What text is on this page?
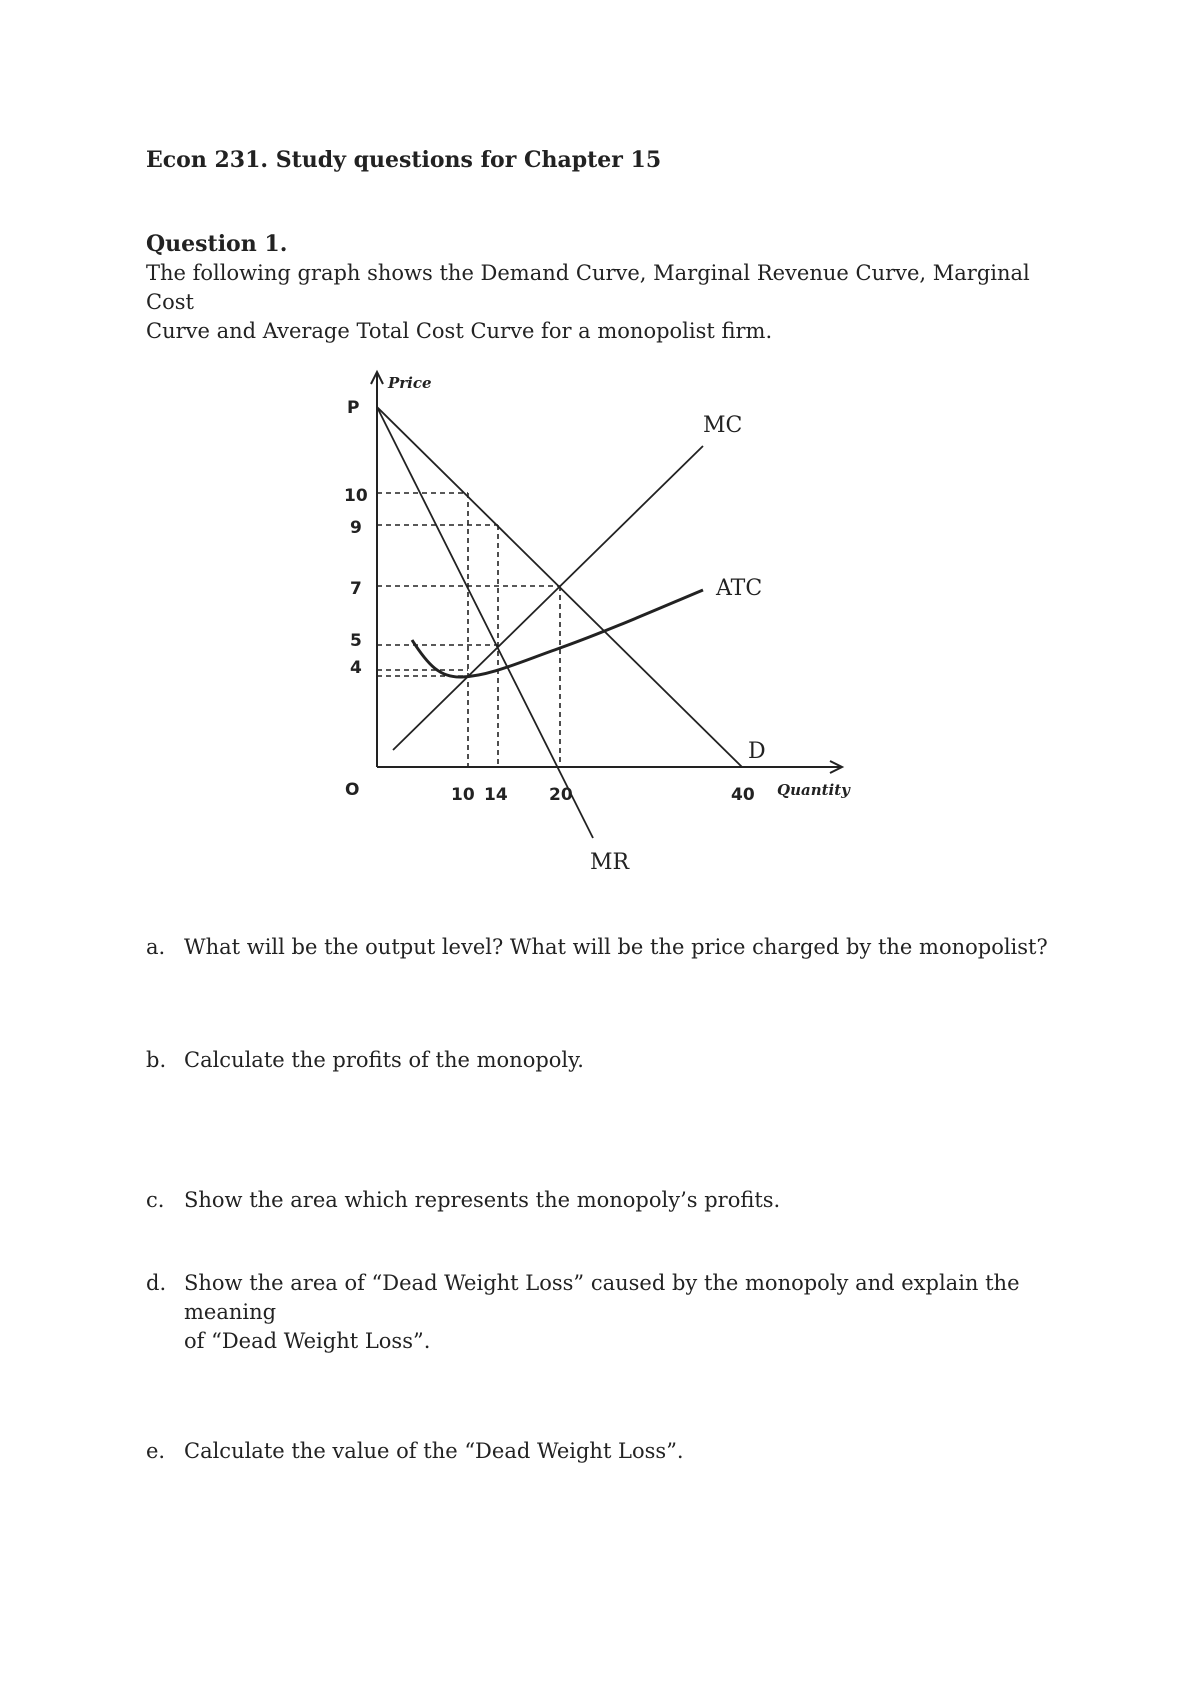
Econ 231. Study questions for Chapter 15
Question 1.
The following graph shows the Demand Curve, Marginal Revenue Curve, Marginal Cost
Curve and Average Total Cost Curve for a monopolist firm.
Price
Quantity
P
O
10
9
7
5
4
10 14 20	40
MC
ATC
D
MR
a. What will be the output level? What will be the price charged by the monopolist?
b. Calculate the profits of the monopoly.
c. Show the area which represents the monopoly’s profits.
d. Show the area of “Dead Weight Loss” caused by the monopoly and explain the meaning
of “Dead Weight Loss”.
e. Calculate the value of the “Dead Weight Loss”.
